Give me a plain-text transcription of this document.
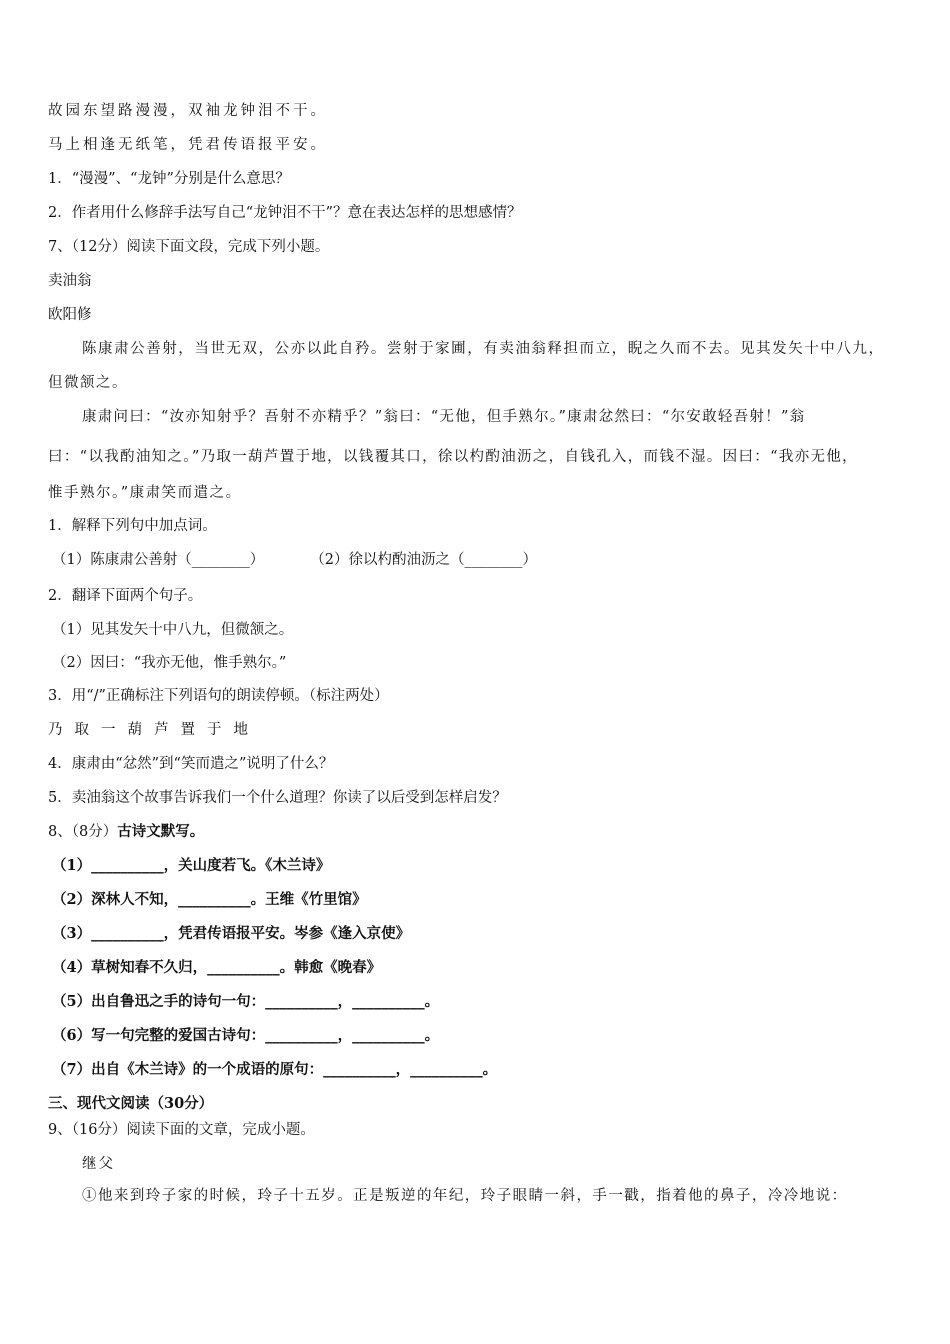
故园东望路漫漫，双袖龙钟泪不干。
马上相逢无纸笔，凭君传语报平安。
1．“漫漫”、“龙钟”分别是什么意思？
2．作者用什么修辞手法写自己“龙钟泪不干”？意在表达怎样的思想感情？
7、（12分）阅读下面文段，完成下列小题。
卖油翁
欧阳修
陈康肃公善射，当世无双，公亦以此自矜。尝射于家圃，有卖油翁释担而立，睨之久而不去。见其发矢十中八九，
但微颔之。
康肃问曰：“汝亦知射乎？吾射不亦精乎？”翁曰：“无他，但手熟尔。”康肃忿然曰：“尔安敢轻吾射！”翁
曰：“以我酌油知之。”乃取一葫芦置于地，以钱覆其口，徐以杓酌油沥之，自钱孔入，而钱不湿。因曰：“我亦无他，
惟手熟尔。”康肃笑而遣之。
1．解释下列句中加点词。
（1）陈康肃公善射（________）	（2）徐以杓酌油沥之（________）
2．翻译下面两个句子。
（1）见其发矢十中八九，但微颔之。
（2）因曰：“我亦无他，惟手熟尔。”
3．用“/”正确标注下列语句的朗读停顿。（标注两处）
乃取一葫芦置于地
4．康肃由“忿然”到“笑而遣之”说明了什么？
5．卖油翁这个故事告诉我们一个什么道理？你读了以后受到怎样启发？
8、（8分）古诗文默写。
（1）__________，关山度若飞。《木兰诗》
（2）深林人不知，__________。王维《竹里馆》
（3）__________，凭君传语报平安。岑参《逢入京使》
（4）草树知春不久归，__________。韩愈《晚春》
（5）出自鲁迅之手的诗句一句：__________，__________。
（6）写一句完整的爱国古诗句：__________，__________。
（7）出自《木兰诗》的一个成语的原句：__________，__________。
三、现代文阅读（30分）
9、（16分）阅读下面的文章，完成小题。
继父
①他来到玲子家的时候，玲子十五岁。正是叛逆的年纪，玲子眼睛一斜，手一戳，指着他的鼻子，冷冷地说：
